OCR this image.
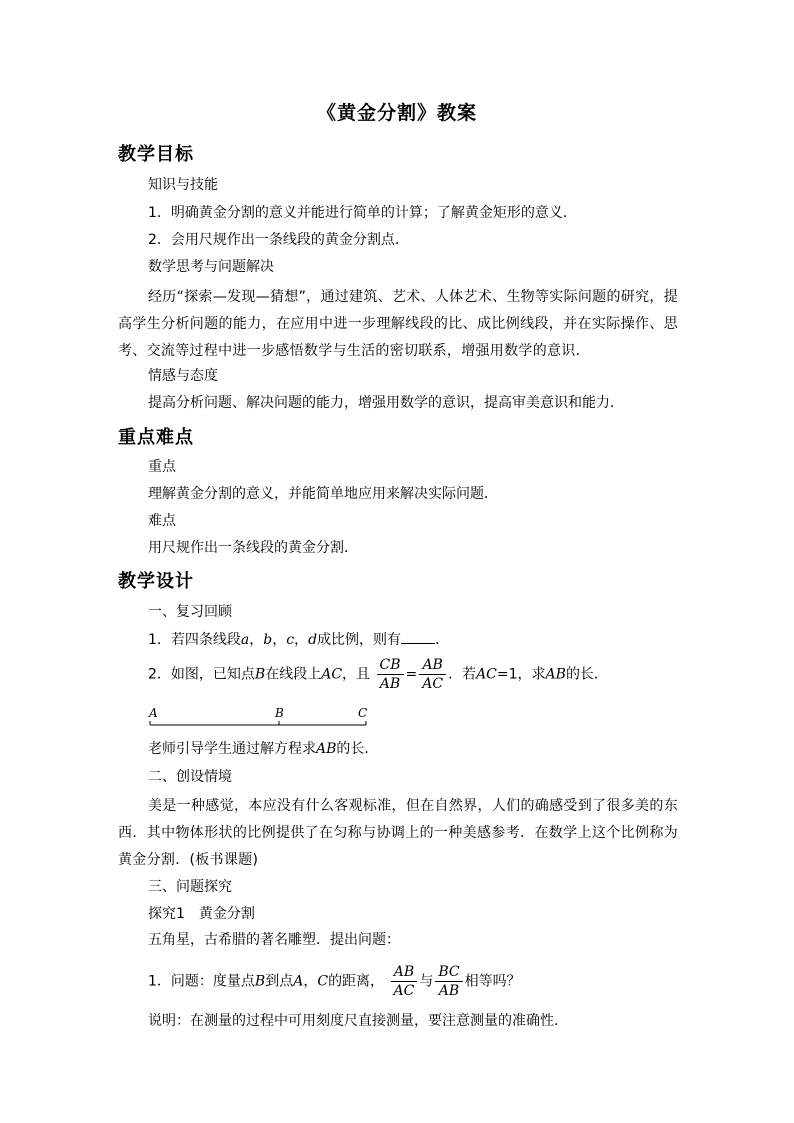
《黄金分割》教案
教学目标
知识与技能
1．明确黄金分割的意义并能进行简单的计算；了解黄金矩形的意义．
2．会用尺规作出一条线段的黄金分割点．
数学思考与问题解决
经历“探索—发现—猜想”，通过建筑、艺术、人体艺术、生物等实际问题的研究，提高学生分析问题的能力，在应用中进一步理解线段的比、成比例线段，并在实际操作、思考、交流等过程中进一步感悟数学与生活的密切联系，增强用数学的意识．
情感与态度
提高分析问题、解决问题的能力，增强用数学的意识，提高审美意识和能力．
重点难点
重点
理解黄金分割的意义，并能简单地应用来解决实际问题．
难点
用尺规作出一条线段的黄金分割．
教学设计
一、复习回顾
1．若四条线段a，b，c，d成比例，则有 ．
2．如图，已知点B在线段上AC，且 $\frac{CB}{AB} = \frac{AB}{AC}$ ．若AC=1，求AB的长．
A	B	C
老师引导学生通过解方程求AB的长．
二、创设情境
美是一种感觉，本应没有什么客观标准，但在自然界，人们的确感受到了很多美的东西．其中物体形状的比例提供了在匀称与协调上的一种美感参考．在数学上这个比例称为黄金分割．(板书课题)
三、问题探究
探究1　黄金分割
五角星，古希腊的著名雕塑．提出问题：
1．问题：度量点B到点A，C的距离， $\frac{AB}{AC}$ 与 $\frac{BC}{AB}$ 相等吗？
说明：在测量的过程中可用刻度尺直接测量，要注意测量的准确性．
